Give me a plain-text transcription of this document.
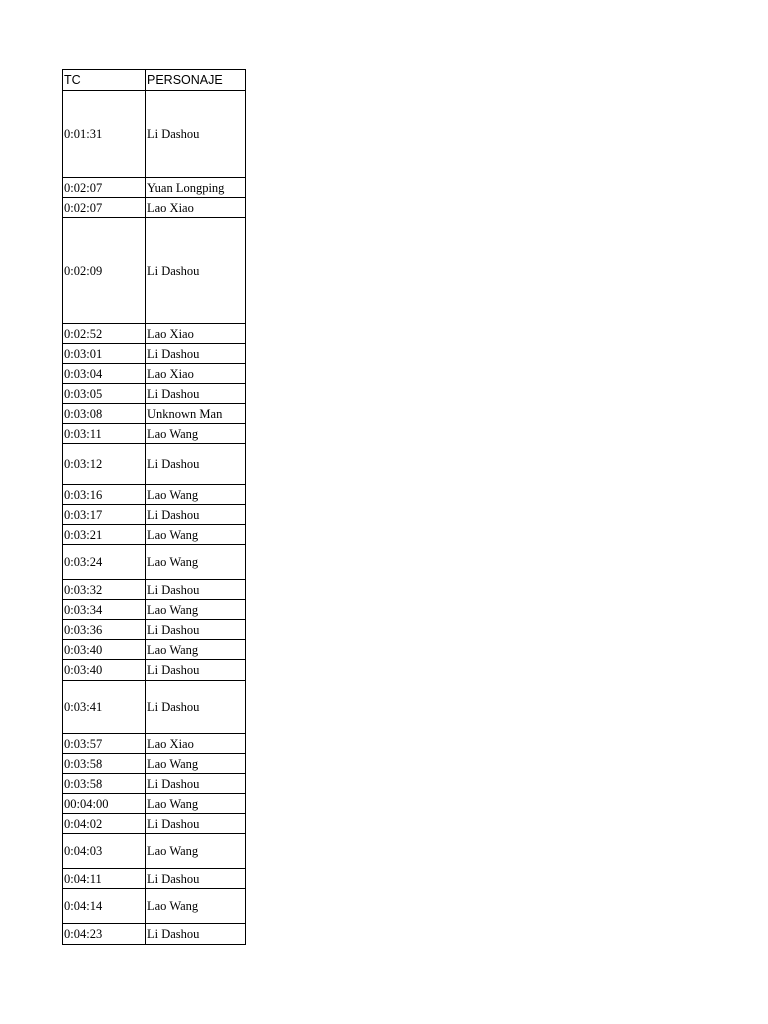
TC	PERSONAJE
0:01:31	Li Dashou
0:02:07	Yuan Longping
0:02:07	Lao Xiao
0:02:09	Li Dashou
0:02:52	Lao Xiao
0:03:01	Li Dashou
0:03:04	Lao Xiao
0:03:05	Li Dashou
0:03:08	Unknown Man
0:03:11	Lao Wang
0:03:12	Li Dashou
0:03:16	Lao Wang
0:03:17	Li Dashou
0:03:21	Lao Wang
0:03:24	Lao Wang
0:03:32	Li Dashou
0:03:34	Lao Wang
0:03:36	Li Dashou
0:03:40	Lao Wang
0:03:40	Li Dashou
0:03:41	Li Dashou
0:03:57	Lao Xiao
0:03:58	Lao Wang
0:03:58	Li Dashou
00:04:00	Lao Wang
0:04:02	Li Dashou
0:04:03	Lao Wang
0:04:11	Li Dashou
0:04:14	Lao Wang
0:04:23	Li Dashou
